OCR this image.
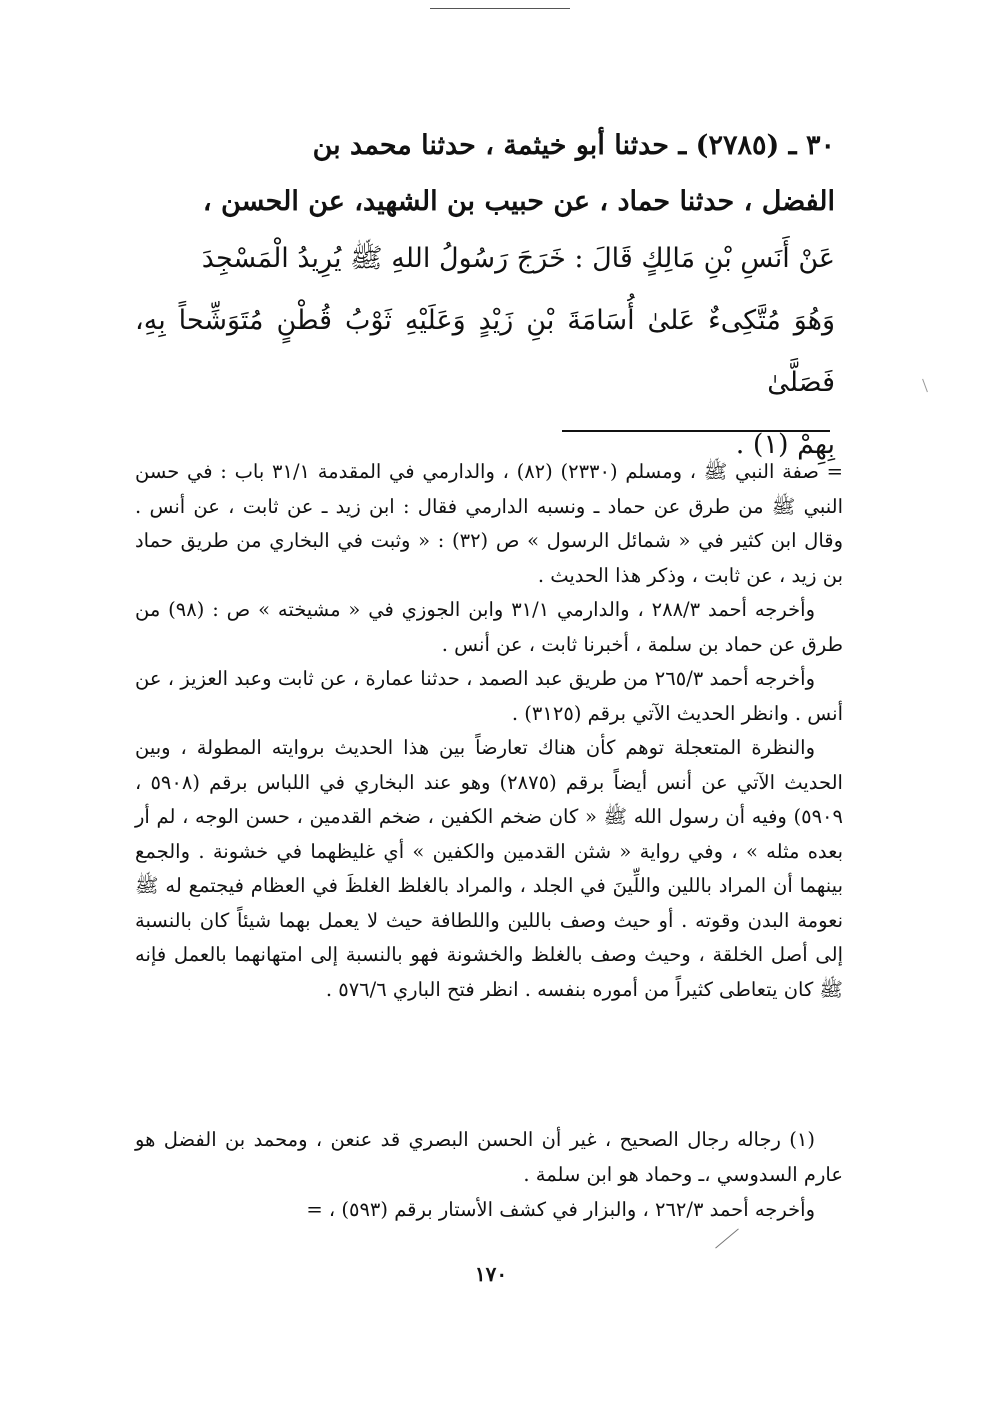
٣٠ ـ (٢٧٨٥) ـ حدثنا أبو خيثمة ، حدثنا محمد بن
الفضل ، حدثنا حماد ، عن حبيب بن الشهيد، عن الحسن ،
عَنْ أَنَسِ بْنِ مَالِكٍ قَالَ : خَرَجَ رَسُولُ اللهِ ﷺ يُرِيدُ الْمَسْجِدَ
وَهُوَ مُتَّكِىءٌ عَلىٰ أُسَامَةَ بْنِ زَيْدٍ وَعَلَيْهِ ثَوْبُ قُطْنٍ مُتَوَشِّحاً بِهِ، فَصَلَّىٰ
بِهِمْ (١) .

= صفة النبي ﷺ ، ومسلم (٢٣٣٠) (٨٢) ، والدارمي في المقدمة ٣١/١ باب : في حسن النبي ﷺ من طرق عن حماد ـ ونسبه الدارمي فقال : ابن زيد ـ عن ثابت ، عن أنس . وقال ابن كثير في « شمائل الرسول » ص (٣٢) : « وثبت في البخاري من طريق حماد بن زيد ، عن ثابت ، وذكر هذا الحديث .

وأخرجه أحمد ٢٨٨/٣ ، والدارمي ٣١/١ وابن الجوزي في « مشيخته » ص : (٩٨) من طرق عن حماد بن سلمة ، أخبرنا ثابت ، عن أنس .

وأخرجه أحمد ٢٦٥/٣ من طريق عبد الصمد ، حدثنا عمارة ، عن ثابت وعبد العزيز ، عن أنس . وانظر الحديث الآتي برقم (٣١٢٥) .

والنظرة المتعجلة توهم كأن هناك تعارضاً بين هذا الحديث بروايته المطولة ، وبين الحديث الآتي عن أنس أيضاً برقم (٢٨٧٥) وهو عند البخاري في اللباس برقم (٥٩٠٨ ، ٥٩٠٩) وفيه أن رسول الله ﷺ « كان ضخم الكفين ، ضخم القدمين ، حسن الوجه ، لم أر بعده مثله » ، وفي رواية « شثن القدمين والكفين » أي غليظهما في خشونة . والجمع بينهما أن المراد باللين واللِّينَ في الجلد ، والمراد بالغلظ الغلظَ في العظام فيجتمع له ﷺ نعومة البدن وقوته . أو حيث وصف باللين واللطافة حيث لا يعمل بهما شيئاً كان بالنسبة إلى أصل الخلقة ، وحيث وصف بالغلظ والخشونة فهو بالنسبة إلى امتهانهما بالعمل فإنه ﷺ كان يتعاطى كثيراً من أموره بنفسه . انظر فتح الباري ٥٧٦/٦ .

(١) رجاله رجال الصحيح ، غير أن الحسن البصري قد عنعن ، ومحمد بن الفضل هو عارم السدوسي ،ـ وحماد هو ابن سلمة .

وأخرجه أحمد ٢٦٢/٣ ، والبزار في كشف الأستار برقم (٥٩٣) ، =

١٧٠
